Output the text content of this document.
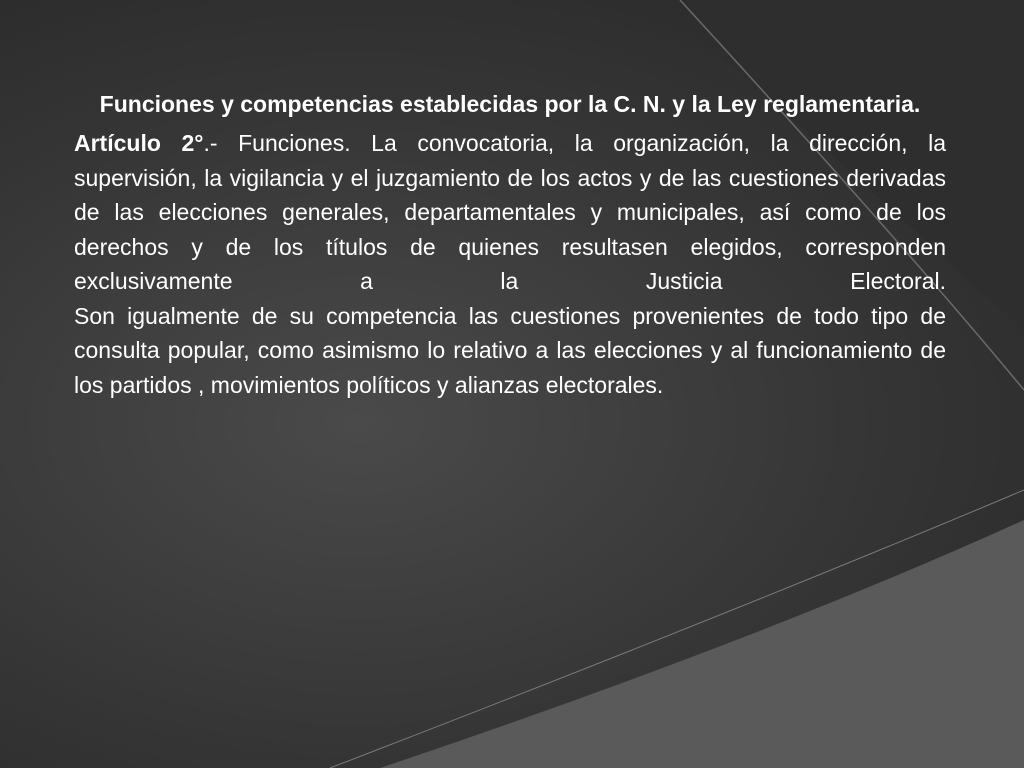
Funciones y competencias establecidas por la C. N. y la Ley reglamentaria.

Artículo 2°.- Funciones. La convocatoria, la organización, la dirección, la supervisión, la vigilancia y el juzgamiento de los actos y de las cuestiones derivadas de las elecciones generales, departamentales y municipales, así como de los derechos y de los títulos de quienes resultasen elegidos, corresponden exclusivamente a la Justicia Electoral.

Son igualmente de su competencia las cuestiones provenientes de todo tipo de consulta popular, como asimismo lo relativo a las elecciones y al funcionamiento de los partidos , movimientos políticos y alianzas electorales.
